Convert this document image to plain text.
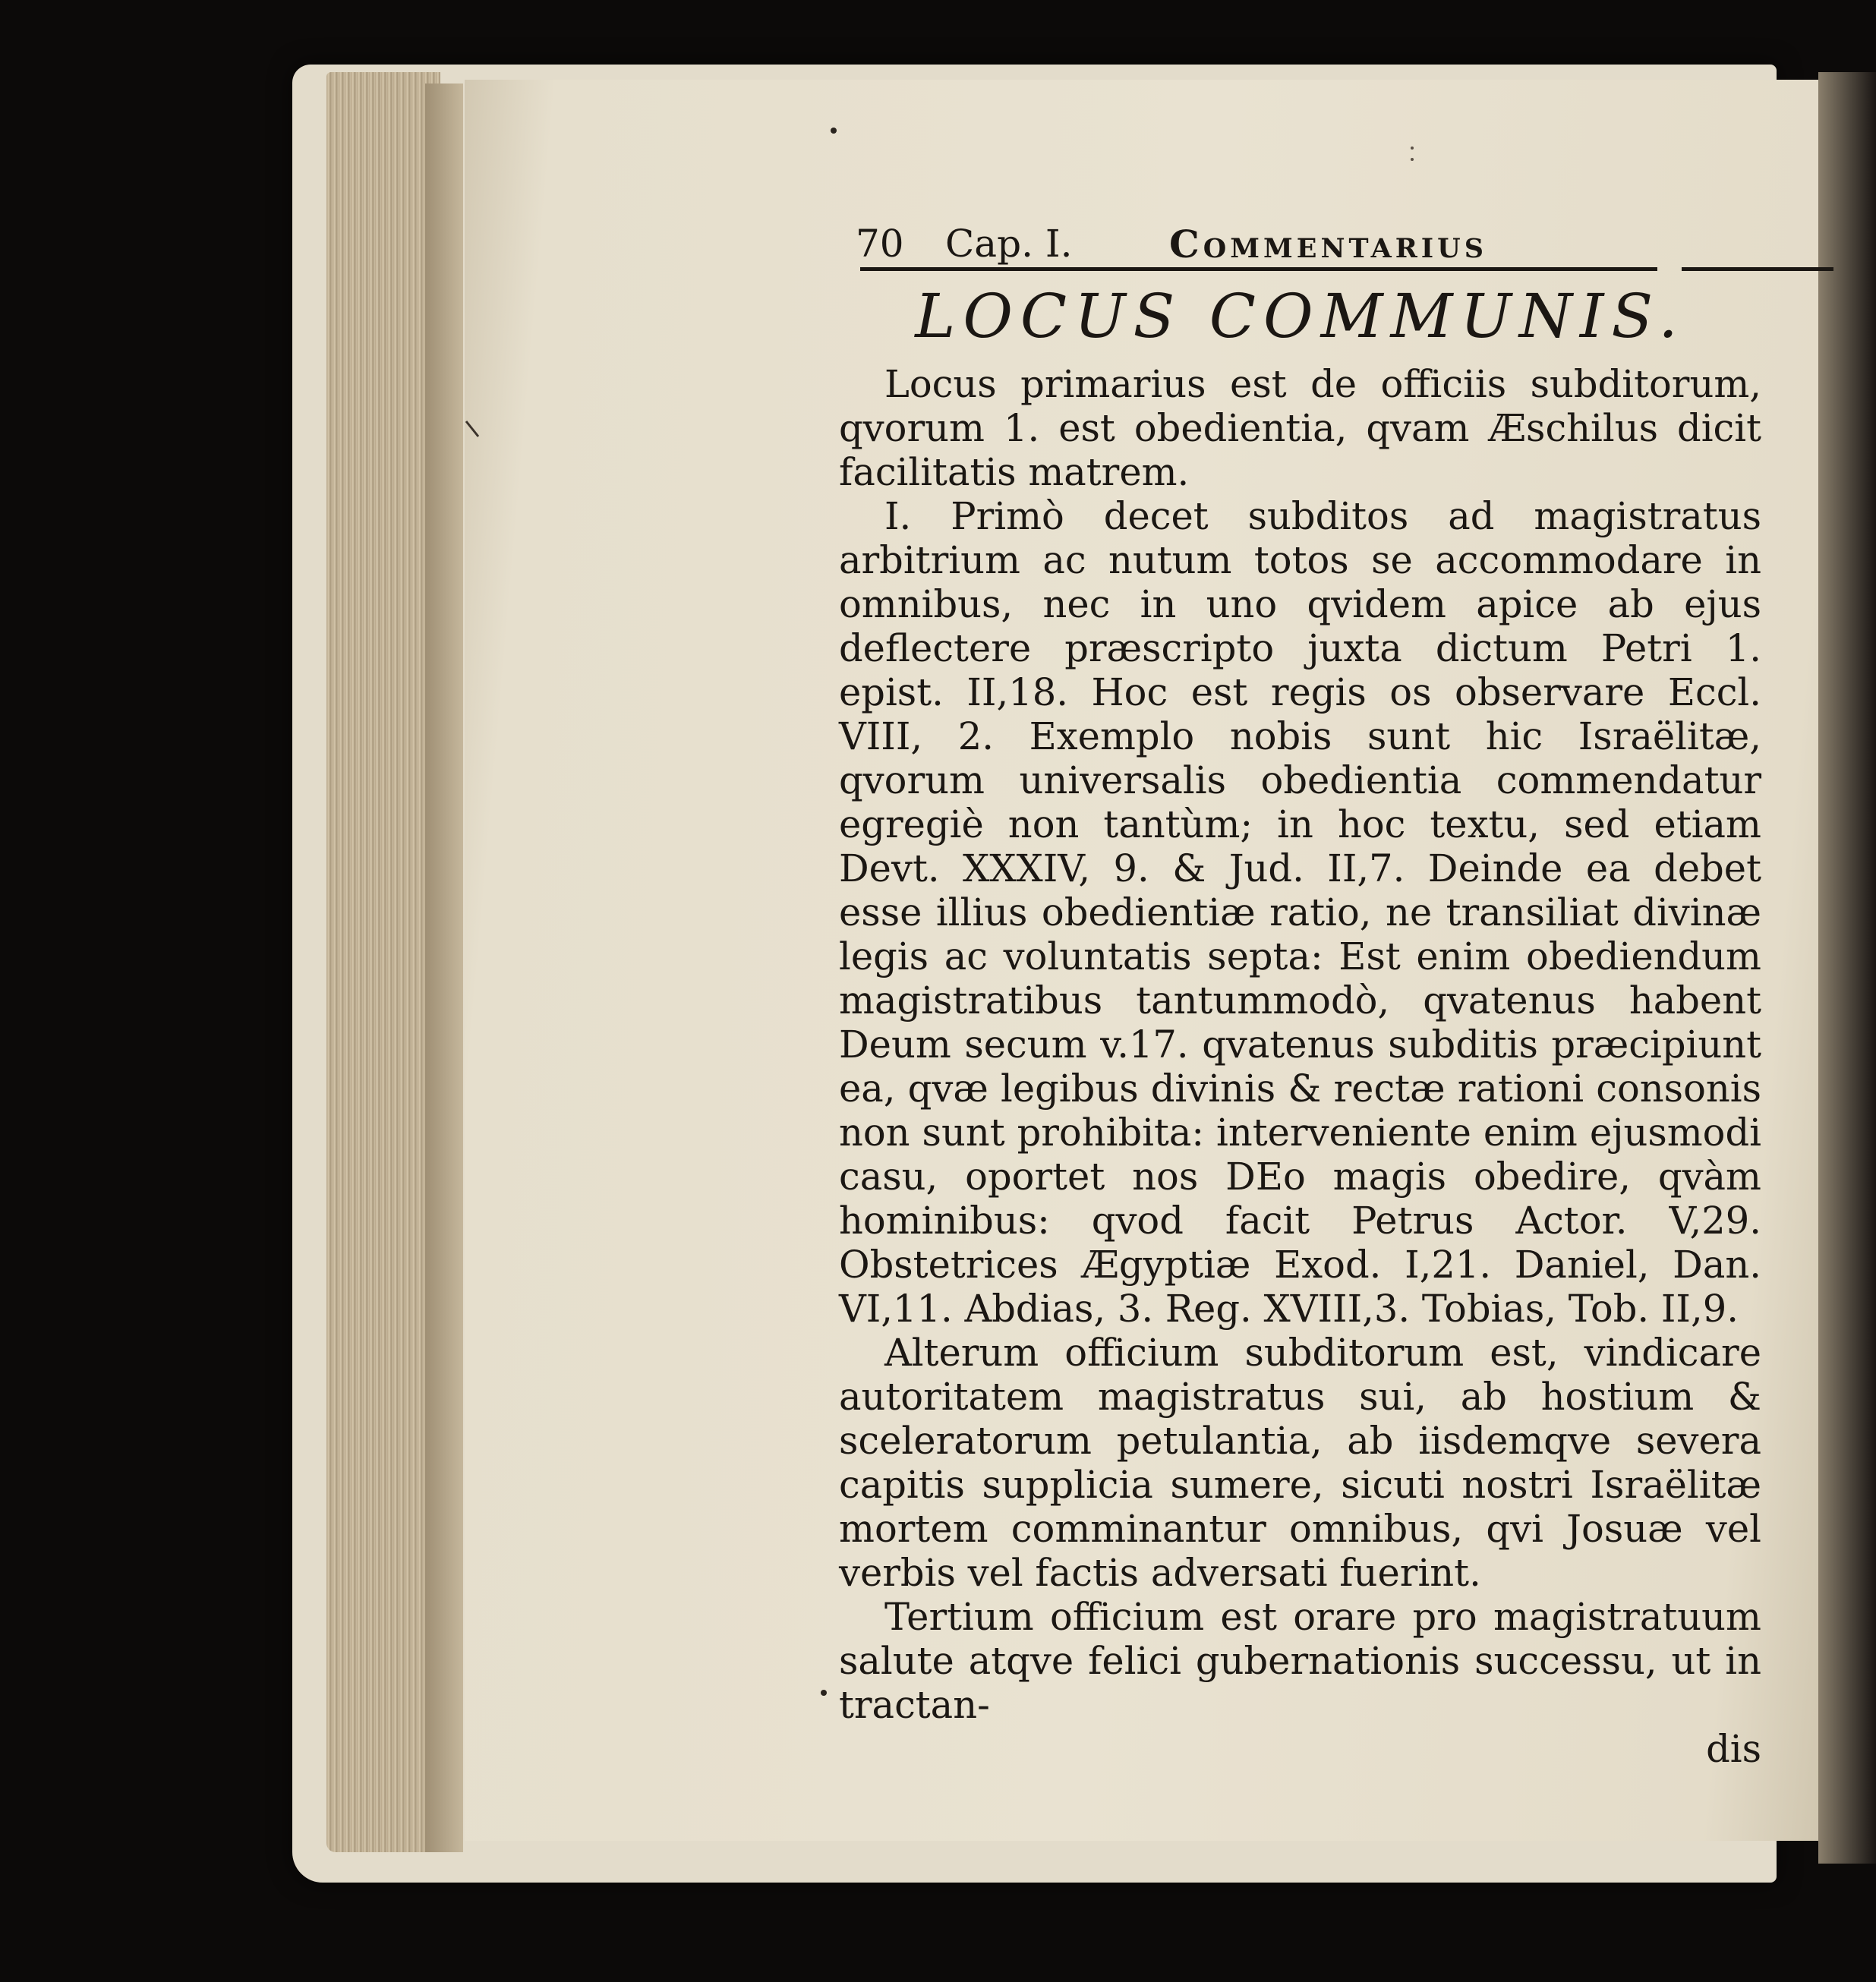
70 Cap. I.	Commentarius
LOCUS COMMUNIS.

Locus primarius est de officiis subditorum, qvorum 1. est obedientia, qvam Æschilus dicit facilitatis matrem.

I. Primò decet subditos ad magistratus arbitrium ac nutum totos se accommodare in omnibus, nec in uno qvidem apice ab ejus deflectere præscripto juxta dictum Petri 1. epist. II,18. Hoc est regis os observare Eccl. VIII, 2. Exemplo nobis sunt hic Israëlitæ, qvorum universalis obedientia commendatur egregiè non tantùm; in hoc textu, sed etiam Devt. XXXIV, 9. & Jud. II,7. Deinde ea debet esse illius obedientiæ ratio, ne transiliat divinæ legis ac voluntatis septa: Est enim obediendum magistratibus tantummodò, qvatenus habent Deum secum v.17. qvatenus subditis præcipiunt ea, qvæ legibus divinis & rectæ rationi consonis non sunt prohibita: interveniente enim ejusmodi casu, oportet nos DEo magis obedire, qvàm hominibus: qvod facit Petrus Actor. V,29. Obstetrices Ægyptiæ Exod. I,21. Daniel, Dan. VI,11. Abdias, 3. Reg. XVIII,3. Tobias, Tob. II,9.

Alterum officium subditorum est, vindicare autoritatem magistratus sui, ab hostium & sceleratorum petulantia, ab iisdemqve severa capitis supplicia sumere, sicuti nostri Israëlitæ mortem comminantur omnibus, qvi Josuæ vel verbis vel factis adversati fuerint.

Tertium officium est orare pro magistratuum salute atqve felici gubernationis successu, ut in tractan-

dis
